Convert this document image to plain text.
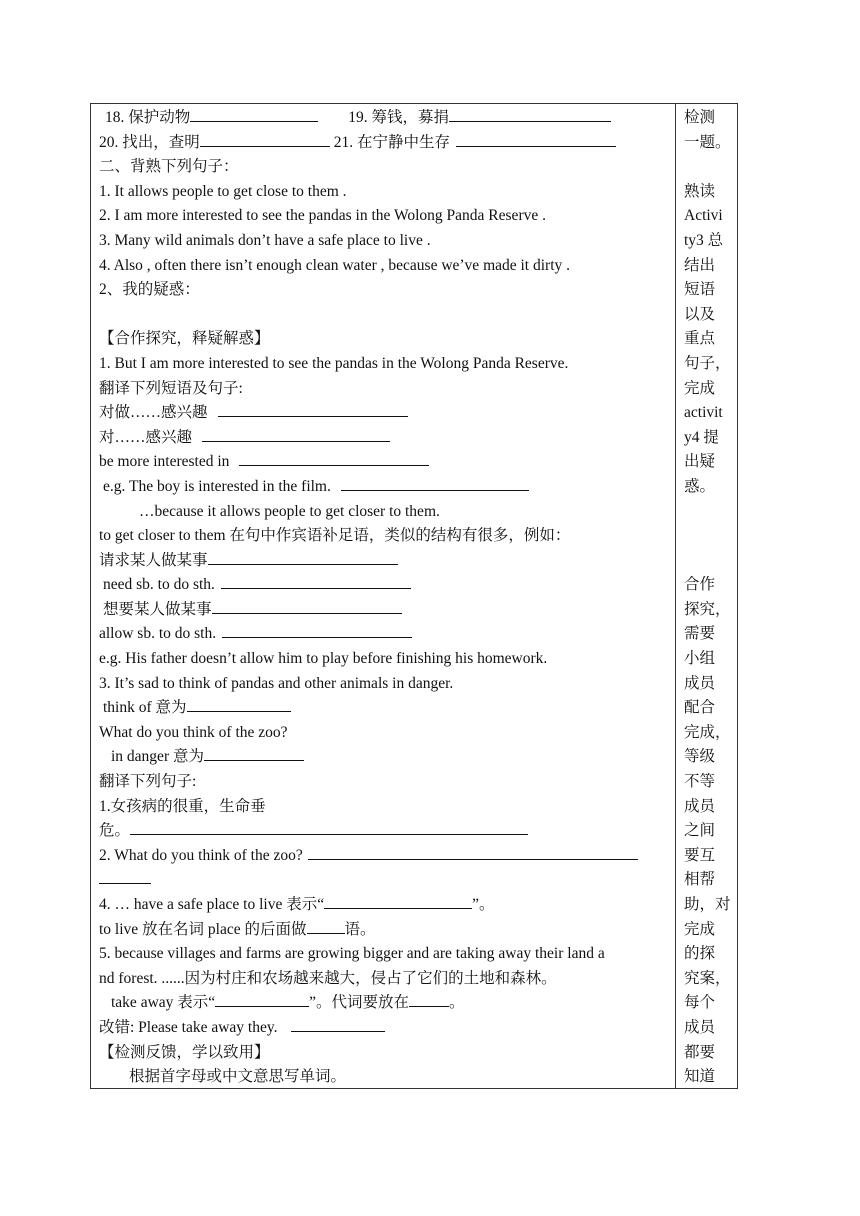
18. 保护动物	19. 筹钱，募捐
20. 找出，查明	21. 在宁静中生存
二、背熟下列句子：
1. It allows people to get close to them .
2. I am more interested to see the pandas in the Wolong Panda Reserve .
3. Many wild animals don’t have a safe place to live .
4. Also , often there isn’t enough clean water , because we’ve made it dirty .
2、我的疑惑：
【合作探究，释疑解惑】
1. But I am more interested to see the pandas in the Wolong Panda Reserve.
翻译下列短语及句子:
对做……感兴趣
对……感兴趣
be more interested in
e.g. The boy is interested in the film.
…because it allows people to get closer to them.
to get closer to them 在句中作宾语补足语，类似的结构有很多，例如：
请求某人做某事
need sb. to do sth.
想要某人做某事
allow sb. to do sth.
e.g. His father doesn’t allow him to play before finishing his homework.
3. It’s sad to think of pandas and other animals in danger.
think of 意为
What do you think of the zoo?
in danger 意为
翻译下列句子:
1.女孩病的很重，生命垂
危。
2. What do you think of the zoo?
4. … have a safe place to live 表示“	”。
to live 放在名词 place 的后面做 语。
5. because villages and farms are growing bigger and are taking away their land a
nd forest. ......因为村庄和农场越来越大，侵占了它们的土地和森林。
take away 表示“	”。代词要放在	。
改错: Please take away they.
【检测反馈，学以致用】
根据首字母或中文意思写单词。
检测
一题。
熟读
Activi
ty3 总
结出
短语
以及
重点
句子，
完成
activit
y4 提
出疑
惑。
合作
探究，
需要
小组
成员
配合
完成，
等级
不等
成员
之间
要互
相帮
助，对
完成
的探
究案，
每个
成员
都要
知道
